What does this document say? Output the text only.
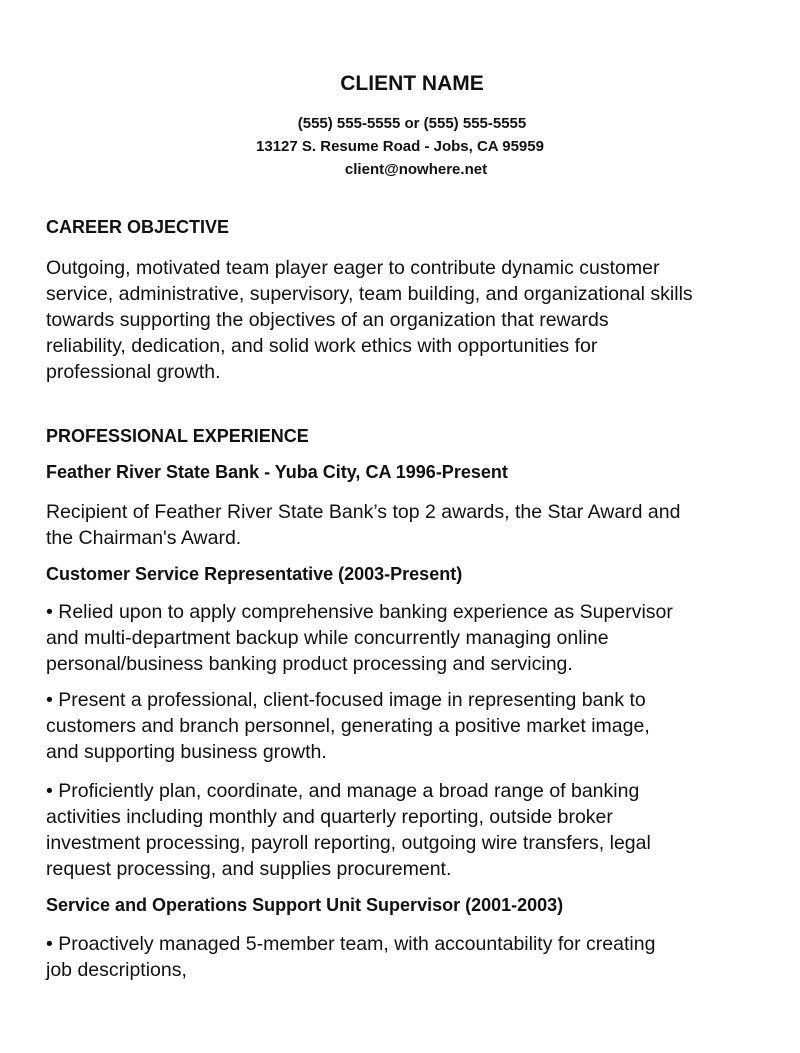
CLIENT NAME
(555) 555-5555 or (555) 555-5555
13127 S. Resume Road - Jobs, CA 95959
client@nowhere.net
CAREER OBJECTIVE
Outgoing, motivated team player eager to contribute dynamic customer
service, administrative, supervisory, team building, and organizational skills
towards supporting the objectives of an organization that rewards
reliability, dedication, and solid work ethics with opportunities for
professional growth.
PROFESSIONAL EXPERIENCE
Feather River State Bank - Yuba City, CA 1996-Present
Recipient of Feather River State Bank’s top 2 awards, the Star Award and
the Chairman's Award.
Customer Service Representative (2003-Present)
• Relied upon to apply comprehensive banking experience as Supervisor
and multi-department backup while concurrently managing online
personal/business banking product processing and servicing.
• Present a professional, client-focused image in representing bank to
customers and branch personnel, generating a positive market image,
and supporting business growth.
• Proficiently plan, coordinate, and manage a broad range of banking
activities including monthly and quarterly reporting, outside broker
investment processing, payroll reporting, outgoing wire transfers, legal
request processing, and supplies procurement.
Service and Operations Support Unit Supervisor (2001-2003)
• Proactively managed 5-member team, with accountability for creating
job descriptions,
